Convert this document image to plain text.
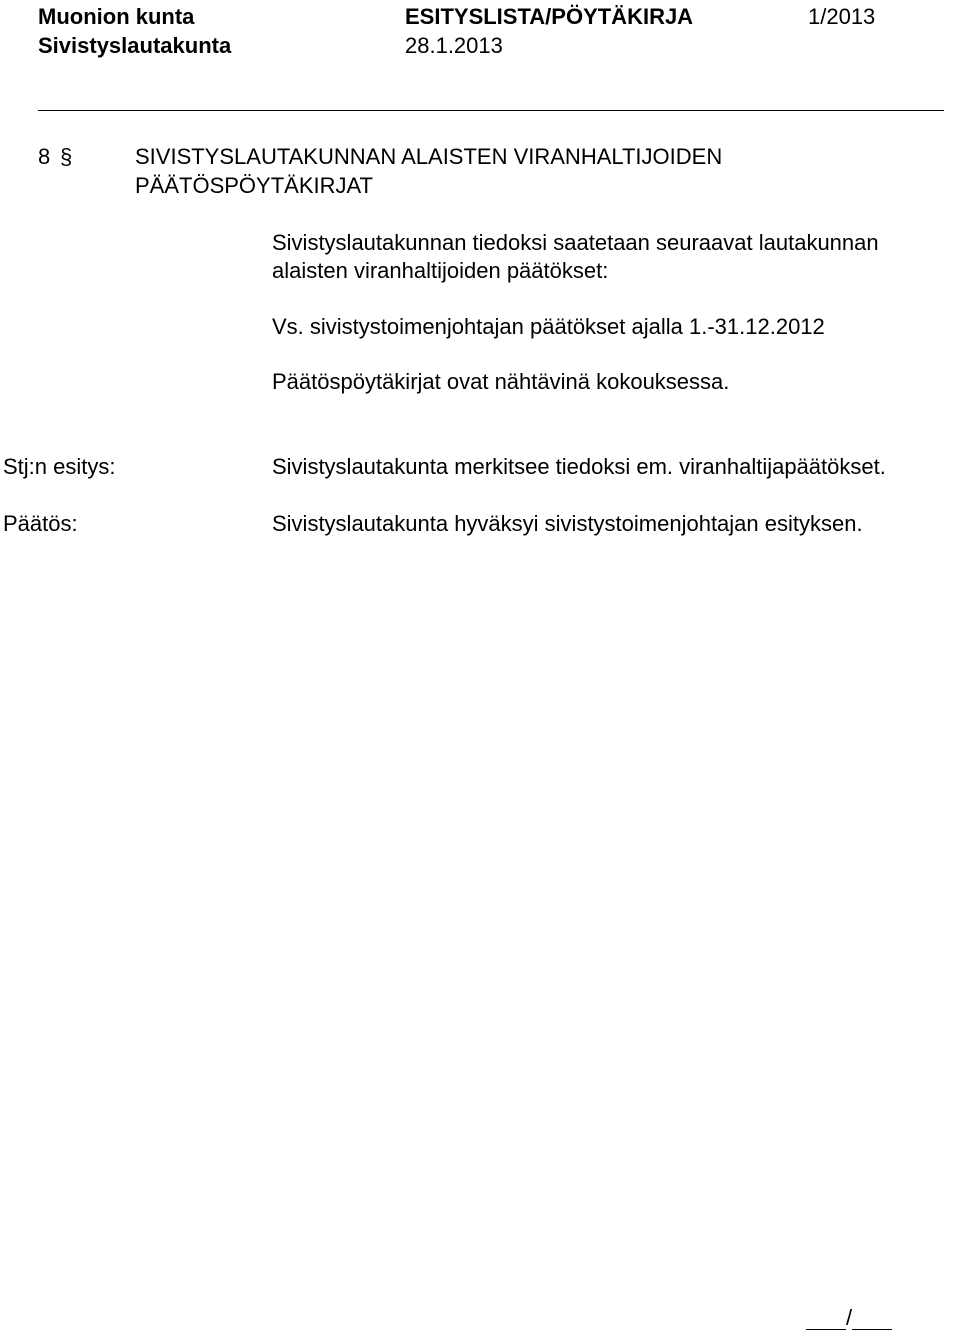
Muonion kunta	ESITYSLISTA/PÖYTÄKIRJA	1/2013
Sivistyslautakunta	28.1.2013
8 §	SIVISTYSLAUTAKUNNAN ALAISTEN VIRANHALTIJOIDEN
PÄÄTÖSPÖYTÄKIRJAT
Sivistyslautakunnan tiedoksi saatetaan seuraavat lautakunnan
alaisten viranhaltijoiden päätökset:
Vs. sivistystoimenjohtajan päätökset ajalla 1.-31.12.2012
Päätöspöytäkirjat ovat nähtävinä kokouksessa.
Stj:n esitys:	Sivistyslautakunta merkitsee tiedoksi em. viranhaltijapäätökset.
Päätös:	Sivistyslautakunta hyväksyi sivistystoimenjohtajan esityksen.
/
